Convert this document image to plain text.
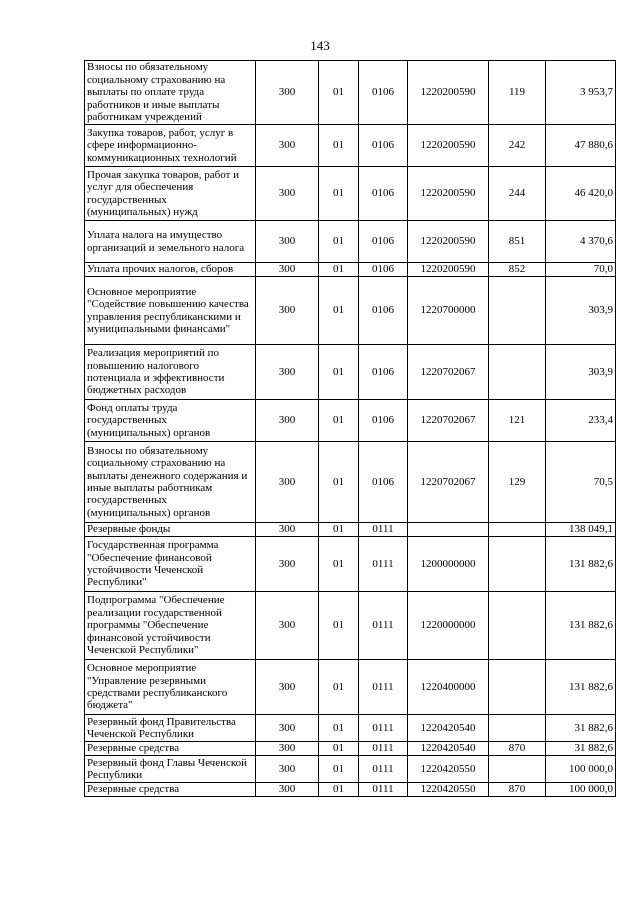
143
Взносы по обязательному социальному страхованию на выплаты по оплате труда работников и иные выплаты работникам учреждений	300	01	0106	1220200590	119	3 953,7
Закупка товаров, работ, услуг в сфере информационно-коммуникационных технологий	300	01	0106	1220200590	242	47 880,6
Прочая закупка товаров, работ и услуг для обеспечения государственных (муниципальных) нужд	300	01	0106	1220200590	244	46 420,0
Уплата налога на имущество организаций и земельного налога	300	01	0106	1220200590	851	4 370,6
Уплата прочих налогов, сборов	300	01	0106	1220200590	852	70,0
Основное мероприятие "Содействие повышению качества управления республиканскими и муниципальными финансами"	300	01	0106	1220700000		303,9
Реализация мероприятий по повышению налогового потенциала и эффективности бюджетных расходов	300	01	0106	1220702067		303,9
Фонд оплаты труда государственных (муниципальных) органов	300	01	0106	1220702067	121	233,4
Взносы по обязательному социальному страхованию на выплаты денежного содержания и иные выплаты работникам государственных (муниципальных) органов	300	01	0106	1220702067	129	70,5
Резервные фонды	300	01	0111			138 049,1
Государственная программа "Обеспечение финансовой устойчивости Чеченской Республики"	300	01	0111	1200000000		131 882,6
Подпрограмма "Обеспечение реализации государственной программы "Обеспечение финансовой устойчивости Чеченской Республики"	300	01	0111	1220000000		131 882,6
Основное мероприятие "Управление резервными средствами республиканского бюджета"	300	01	0111	1220400000		131 882,6
Резервный фонд Правительства Чеченской Республики	300	01	0111	1220420540		31 882,6
Резервные средства	300	01	0111	1220420540	870	31 882,6
Резервный фонд Главы Чеченской Республики	300	01	0111	1220420550		100 000,0
Резервные средства	300	01	0111	1220420550	870	100 000,0
